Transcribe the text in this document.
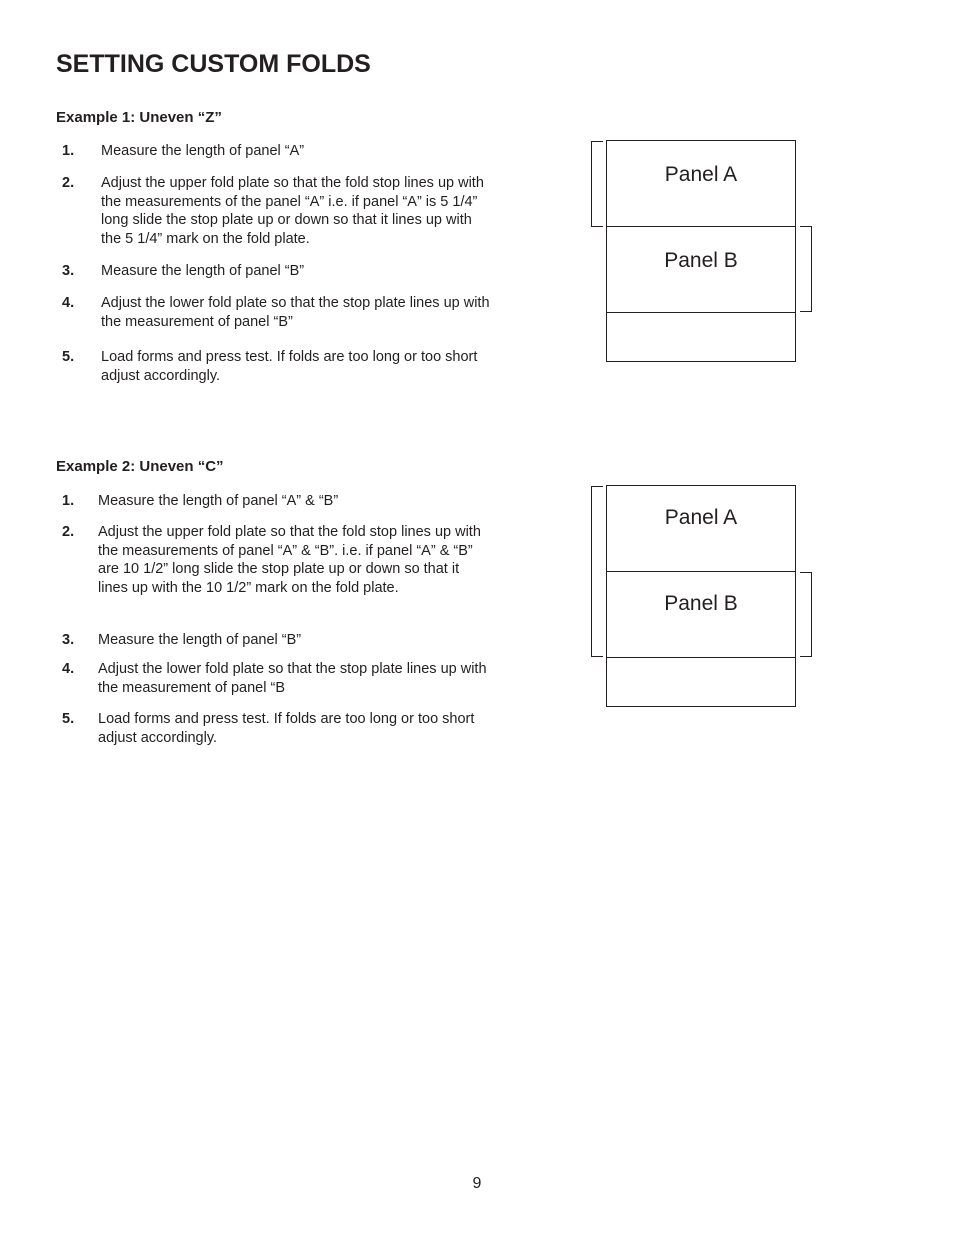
SETTING CUSTOM FOLDS
Example 1: Uneven “Z”
1. Measure the length of panel “A”
2. Adjust the upper fold plate so that the fold stop lines up with the measurements of the panel “A” i.e. if panel “A” is 5 1/4” long slide the stop plate up or down so that it lines up with the 5 1/4” mark on the fold plate.
3. Measure the length of panel “B”
4. Adjust the lower fold plate so that the stop plate lines up with the measurement of panel “B”
5. Load forms and press test. If folds are too long or too short adjust accordingly.
Panel A
Panel B
Example 2: Uneven “C”
1. Measure the length of panel “A” & “B”
2. Adjust the upper fold plate so that the fold stop lines up with the measurements of panel “A” & “B”. i.e. if panel “A” & “B” are 10 1/2” long slide the stop plate up or down so that it lines up with the 10 1/2” mark on the fold plate.
3. Measure the length of panel “B”
4. Adjust the lower fold plate so that the stop plate lines up with the measurement of panel “B
5. Load forms and press test. If folds are too long or too short adjust accordingly.
Panel A
Panel B
9
